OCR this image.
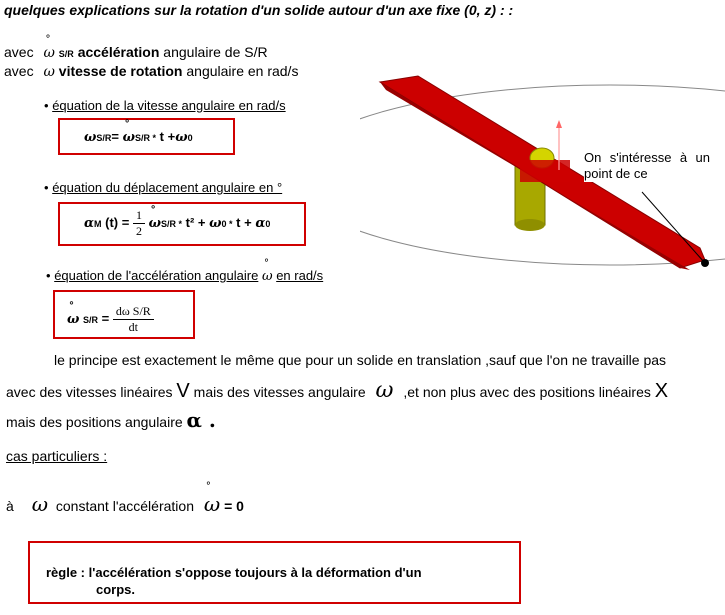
quelques explications sur la rotation d'un solide autour d'un axe fixe (0, z) : :
avec ° ω S/R accélération angulaire de S/R
avec ω vitesse de rotation angulaire en rad/s
• équation de la vitesse angulaire en rad/s
ωS/R= ° ωS/R * t +ω0
• équation du déplacement angulaire en °
αM $(t) = \frac{1}{2}$ ° ωS/R * t² + ω0 * t + α0
• équation de l'accélération angulaire ° ω en rad/s
° ω $S/R = \frac{\text{dω S/R}}{dt}$
On s'intéresse à un point de ce
le principe est exactement le même que pour un solide en translation ,sauf que l'on ne travaille pas
avec des vitesses linéaires V mais des vitesses angulaire ω ,et non plus avec des positions linéaires X
mais des positions angulaire α .
cas particuliers :
à ω constant l'accélération ° ω = 0
règle : l'accélération s'oppose toujours à la déformation d'un
corps.
